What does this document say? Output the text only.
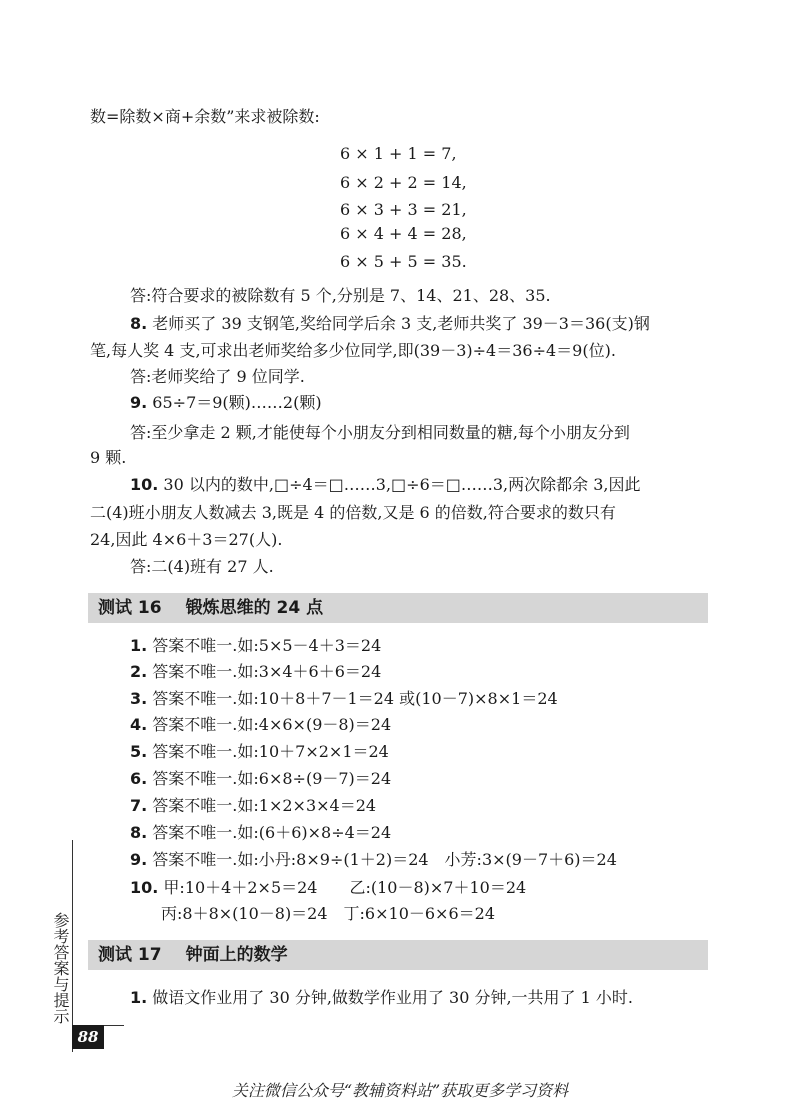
数=除数×商+余数”来求被除数:
6 × 1 + 1 = 7,
6 × 2 + 2 = 14,
6 × 3 + 3 = 21,
6 × 4 + 4 = 28,
6 × 5 + 5 = 35.
答:符合要求的被除数有 5 个,分别是 7、14、21、28、35.
8. 老师买了 39 支钢笔,奖给同学后余 3 支,老师共奖了 39－3＝36(支)钢
笔,每人奖 4 支,可求出老师奖给多少位同学,即(39－3)÷4＝36÷4＝9(位).
答:老师奖给了 9 位同学.
9. 65÷7＝9(颗)……2(颗)
答:至少拿走 2 颗,才能使每个小朋友分到相同数量的糖,每个小朋友分到
9 颗.
10. 30 以内的数中,□÷4＝□……3,□÷6＝□……3,两次除都余 3,因此
二(4)班小朋友人数减去 3,既是 4 的倍数,又是 6 的倍数,符合要求的数只有
24,因此 4×6＋3＝27(人).
答:二(4)班有 27 人.
测试 16 锻炼思维的 24 点
1. 答案不唯一.如:5×5－4＋3＝24
2. 答案不唯一.如:3×4＋6＋6＝24
3. 答案不唯一.如:10＋8＋7－1＝24 或(10－7)×8×1＝24
4. 答案不唯一.如:4×6×(9－8)＝24
5. 答案不唯一.如:10＋7×2×1＝24
6. 答案不唯一.如:6×8÷(9－7)＝24
7. 答案不唯一.如:1×2×3×4＝24
8. 答案不唯一.如:(6＋6)×8÷4＝24
9. 答案不唯一.如:小丹:8×9÷(1＋2)＝24　小芳:3×(9－7＋6)＝24
10. 甲:10＋4＋2×5＝24　　乙:(10－8)×7＋10＝24
丙:8＋8×(10－8)＝24　丁:6×10－6×6＝24
测试 17 钟面上的数学
1. 做语文作业用了 30 分钟,做数学作业用了 30 分钟,一共用了 1 小时.
参考答案与提示
88
关注微信公众号“教辅资料站”获取更多学习资料
